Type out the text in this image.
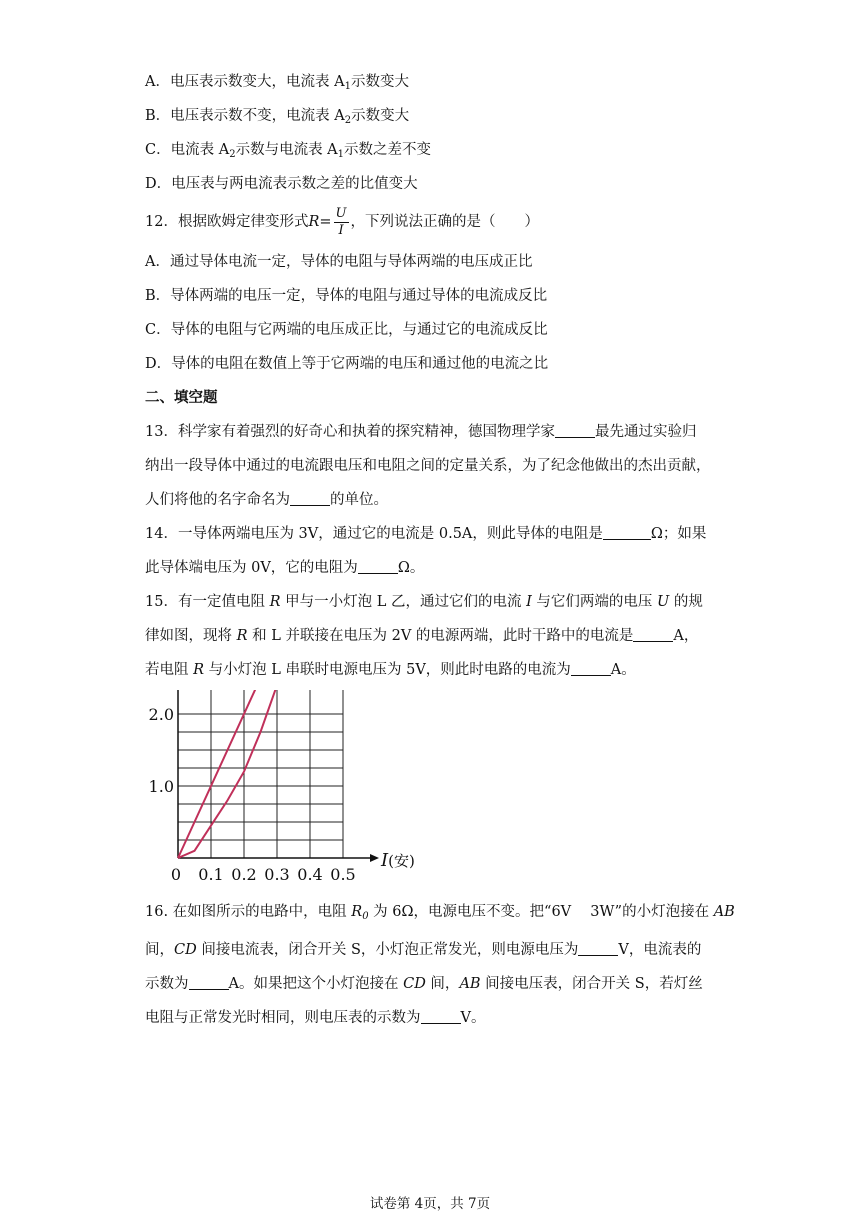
A．电压表示数变大，电流表 $A_1$示数变大
B．电压表示数不变，电流表 $A_2$示数变大
C．电流表 $A_2$示数与电流表 $A_1$示数之差不变
D．电压表与两电流表示数之差的比值变大
12．根据欧姆定律变形式$R= \frac{U}{I}$ ，下列说法正确的是（　　）
A．通过导体电流一定，导体的电阻与导体两端的电压成正比
B．导体两端的电压一定，导体的电阻与通过导体的电流成反比
C．导体的电阻与它两端的电压成正比，与通过它的电流成反比
D．导体的电阻在数值上等于它两端的电压和通过他的电流之比
二、填空题
13．科学家有着强烈的好奇心和执着的探究精神，德国物理学家	最先通过实验归
纳出一段导体中通过的电流跟电压和电阻之间的定量关系，为了纪念他做出的杰出贡献，
人们将他的名字命名为	的单位。
14．一导体两端电压为 3V，通过它的电流是 0.5A，则此导体的电阻是	Ω；如果
此导体端电压为 0V，它的电阻为	Ω。
15．有一定值电阻 R 甲与一小灯泡 L 乙，通过它们的电流 I 与它们两端的电压 U 的规
律如图，现将 R 和 L 并联接在电压为 2V 的电源两端，此时干路中的电流是	A，
若电阻 R 与小灯泡 L 串联时电源电压为 5V，则此时电路的电流为	A。
1.0
2.0
0.1 0.2 0.3 0.4 0.5
0
I(安)
16. 在如图所示的电路中，电阻 $R_0$ 为 6Ω，电源电压不变。把“6V　 3W”的小灯泡接在 AB
间，CD 间接电流表，闭合开关 S，小灯泡正常发光，则电源电压为	V，电流表的
示数为	A。如果把这个小灯泡接在 CD 间，AB 间接电压表，闭合开关 S，若灯丝
电阻与正常发光时相同，则电压表的示数为	V。
试卷第 4页，共 7页
